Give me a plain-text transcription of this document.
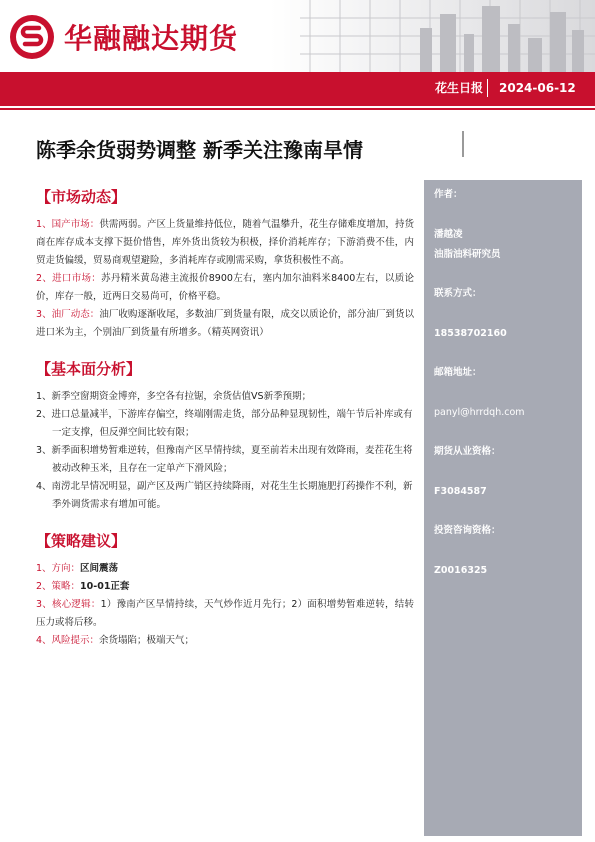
华融融达期货
花生日报 2024-06-12
陈季余货弱势调整 新季关注豫南旱情
【市场动态】

1、国产市场：供需两弱。产区上货量维持低位，随着气温攀升，花生存储难度增加，持货商在库存成本支撑下挺价惜售，库外货出货较为积极，择价消耗库存；下游消费不佳，内贸走货偏缓，贸易商观望避险，多消耗库存或刚需采购，拿货积极性不高。

2、进口市场：苏丹精米黄岛港主流报价8900左右，塞内加尔油料米8400左右，以质论价，库存一般，近两日交易尚可，价格平稳。

3、油厂动态：油厂收购逐渐收尾，多数油厂到货量有限，成交以质论价，部分油厂到货以进口米为主，个别油厂到货量有所增多。（精英网资讯）

【基本面分析】

1、新季空窗期资金博弈，多空各有拉锯，余货估值VS新季预期；

2、进口总量减半，下游库存偏空，终端刚需走货，部分品种显现韧性，端午节后补库或有一定支撑，但反弹空间比较有限；

3、新季面积增势暂难逆转，但豫南产区旱情持续，夏至前若未出现有效降雨，麦茬花生将被动改种玉米，且存在一定单产下滑风险；

4、南涝北旱情况明显，副产区及两广销区持续降雨，对花生生长期施肥打药操作不利，新季外调货需求有增加可能。

【策略建议】

1、方向：区间震荡

2、策略：10-01正套

3、核心逻辑：1）豫南产区旱情持续，天气炒作近月先行；2）面积增势暂难逆转，结转压力或将后移。

4、风险提示：余货塌陷；极端天气；

作者：
潘越凌
油脂油料研究员
联系方式：
18538702160
邮箱地址：
panyl@hrrdqh.com
期货从业资格：
F3084587
投资咨询资格：
Z0016325
